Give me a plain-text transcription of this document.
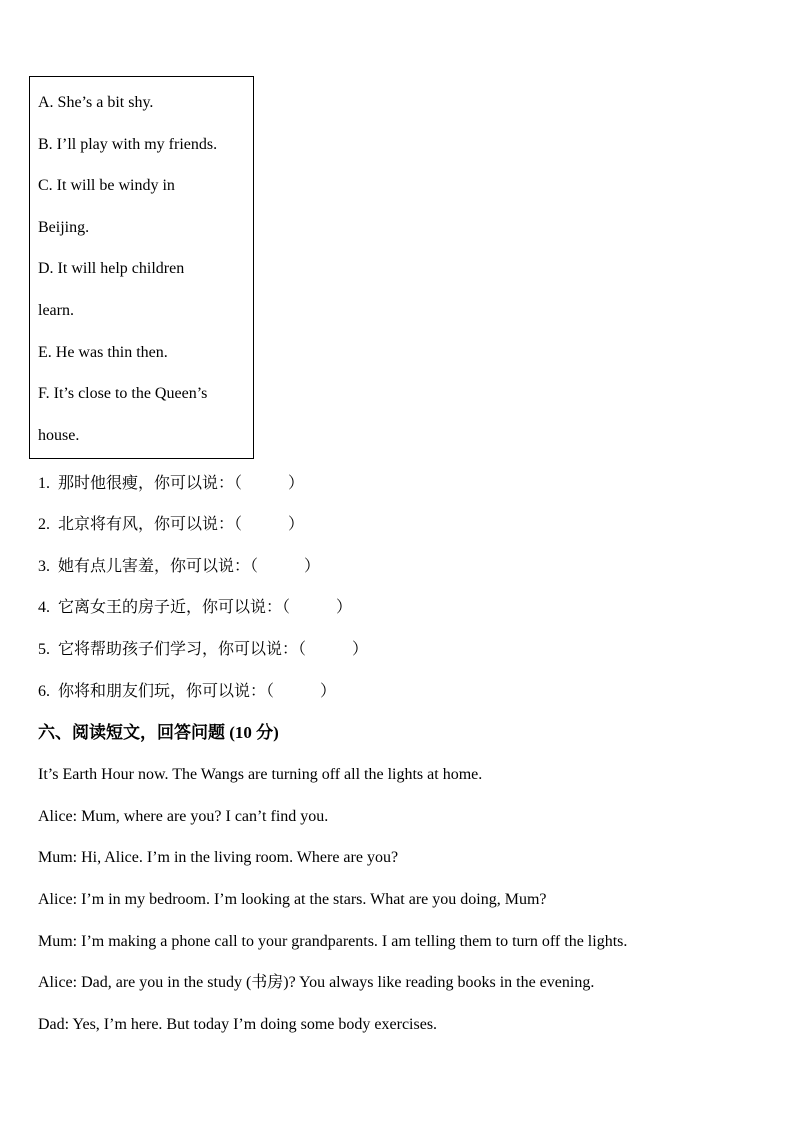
A. She’s a bit shy.
B. I’ll play with my friends.
C. It will be windy in
Beijing.
D. It will help children
learn.
E. He was thin then.
F. It’s close to the Queen’s
house.
1. 那时他很瘦，你可以说：（	）
2. 北京将有风，你可以说：（	）
3. 她有点儿害羞，你可以说：（	）
4. 它离女王的房子近，你可以说：（	）
5. 它将帮助孩子们学习，你可以说：（	）
6. 你将和朋友们玩，你可以说：（	）
六、阅读短文，回答问题 (10 分)
It’s Earth Hour now. The Wangs are turning off all the lights at home.
Alice: Mum, where are you? I can’t find you.
Mum: Hi, Alice. I’m in the living room. Where are you?
Alice: I’m in my bedroom. I’m looking at the stars. What are you doing, Mum?
Mum: I’m making a phone call to your grandparents. I am telling them to turn off the lights.
Alice: Dad, are you in the study (书房)? You always like reading books in the evening.
Dad: Yes, I’m here. But today I’m doing some body exercises.
